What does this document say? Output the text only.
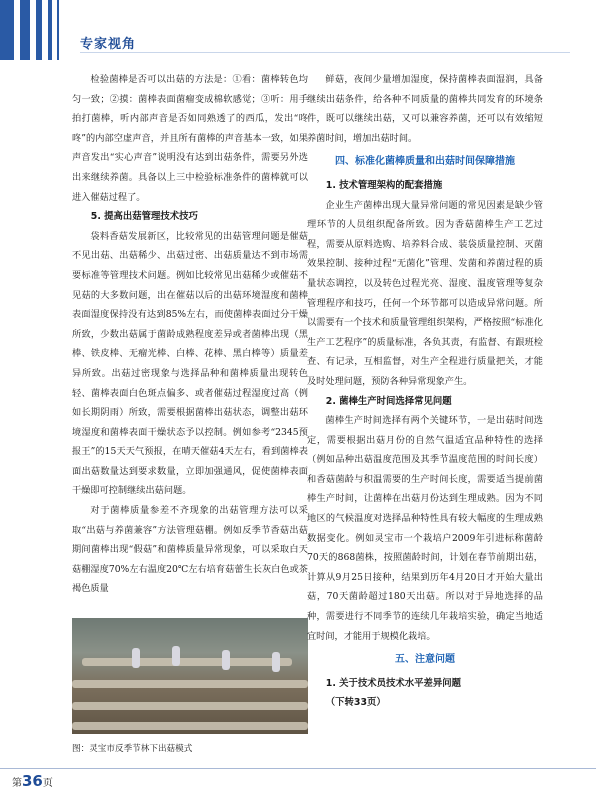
专家视角

检验菌棒是否可以出菇的方法是：①看：菌棒转色均匀一致；②摸：菌棒表面菌瘤变成棉软感觉；③听：用手拍打菌棒，听内部声音是否如同熟透了的西瓜，发出“咚咚”的内部空虚声音，并且所有菌棒的声音基本一致，如果声音发出“实心声音”说明没有达到出菇条件，需要另外选出来继续养菌。具备以上三中检验标准条件的菌棒就可以进入催菇过程了。

5. 提高出菇管理技术技巧

袋料香菇发展新区，比较常见的出菇管理问题是催菇不见出菇、出菇稀少、出菇过密、出菇质量达不到市场需要标准等管理技术问题。例如比较常见出菇稀少或催菇不见菇的大多数问题，出在催菇以后的出菇环境湿度和菌棒表面湿度保持没有达到85%左右，而使菌棒表面过分干燥所致，少数出菇属于菌龄成熟程度差异或者菌棒出现（黑棒、铁皮棒、无瘤光棒、白棒、花棒、黑白棒等）质量差异所致。出菇过密现象与选择品种和菌棒质量出现转色轻、菌棒表面白色斑点偏多、或者催菇过程湿度过高（例如长期阴雨）所致，需要根据菌棒出菇状态，调整出菇环境湿度和菌棒表面干燥状态予以控制。例如参考“2345预报王”的15天天气预报，在晴天催菇4天左右，看到菌棒表面出菇数量达到要求数量，立即加强通风，促使菌棒表面干燥即可控制继续出菇问题。

对于菌棒质量参差不齐现象的出菇管理方法可以采取“出菇与养菌兼容”方法管理菇棚。例如反季节香菇出菇期间菌棒出现“假菇”和菌棒质量异常现象，可以采取白天菇棚湿度70%左右温度20℃左右培育菇蕾生长灰白色或茶褐色质量

图：灵宝市反季节林下出菇模式

鲜菇，夜间少量增加湿度，保持菌棒表面湿润，具备继续出菇条件，给各种不同质量的菌棒共同发育的环境条件，既可以继续出菇，又可以兼容养菌，还可以有效缩短养菌时间，增加出菇时间。

四、标准化菌棒质量和出菇时间保障措施
1. 技术管理架构的配套措施

企业生产菌棒出现大量异常问题的常见因素是缺少管理环节的人员组织配备所致。因为香菇菌棒生产工艺过程，需要从原料选购、培养料合成、装袋质量控制、灭菌效果控制、接种过程“无菌化”管理、发菌和养菌过程的质量状态调控，以及转色过程光亮、湿度、温度管理等复杂管理程序和技巧，任何一个环节都可以造成异常问题。所以需要有一个技术和质量管理组织架构，严格按照“标准化生产工艺程序”的质量标准，各负其责，有监督、有跟班检查、有记录，互相监督，对生产全程进行质量把关，才能及时处理问题，预防各种异常现象产生。

2. 菌棒生产时间选择常见问题

菌棒生产时间选择有两个关键环节，一是出菇时间选定，需要根据出菇月份的自然气温适宜品种特性的选择（例如品种出菇温度范围及其季节温度范围的时间长度）和香菇菌龄与积温需要的生产时间长度，需要适当提前菌棒生产时间，让菌棒在出菇月份达到生理成熟。因为不同地区的气候温度对选择品种特性具有较大幅度的生理成熟数据变化。例如灵宝市一个栽培户2009年引进标称菌龄70天的868菌株，按照菌龄时间，计划在春节前期出菇，计算从9月25日接种，结果到历年4月20日才开始大量出菇，70天菌龄超过180天出菇。所以对于异地选择的品种，需要进行不同季节的连续几年栽培实验，确定当地适宜时间，才能用于规模化栽培。

五、注意问题
1. 关于技术员技术水平差异问题
（下转33页）
第36页
